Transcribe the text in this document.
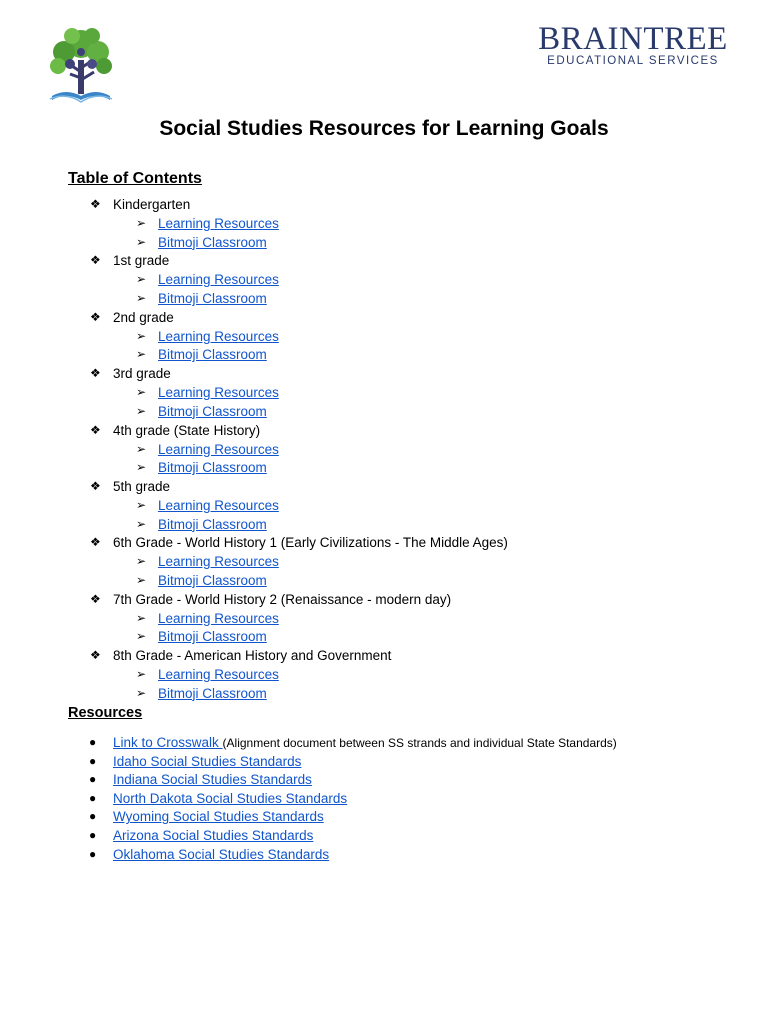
BRAINTREE
EDUCATIONAL SERVICES
Social Studies Resources for Learning Goals
Table of Contents
❖ Kindergarten
➢ Learning Resources
➢ Bitmoji Classroom
❖ 1st grade
➢ Learning Resources
➢ Bitmoji Classroom
❖ 2nd grade
➢ Learning Resources
➢ Bitmoji Classroom
❖ 3rd grade
➢ Learning Resources
➢ Bitmoji Classroom
❖ 4th grade (State History)
➢ Learning Resources
➢ Bitmoji Classroom
❖ 5th grade
➢ Learning Resources
➢ Bitmoji Classroom
❖ 6th Grade - World History 1 (Early Civilizations - The Middle Ages)
➢ Learning Resources
➢ Bitmoji Classroom
❖ 7th Grade - World History 2 (Renaissance - modern day)
➢ Learning Resources
➢ Bitmoji Classroom
❖ 8th Grade - American History and Government
➢ Learning Resources
➢ Bitmoji Classroom
Resources
● Link to Crosswalk (Alignment document between SS strands and individual State Standards)
● Idaho Social Studies Standards
● Indiana Social Studies Standards
● North Dakota Social Studies Standards
● Wyoming Social Studies Standards
● Arizona Social Studies Standards
● Oklahoma Social Studies Standards
